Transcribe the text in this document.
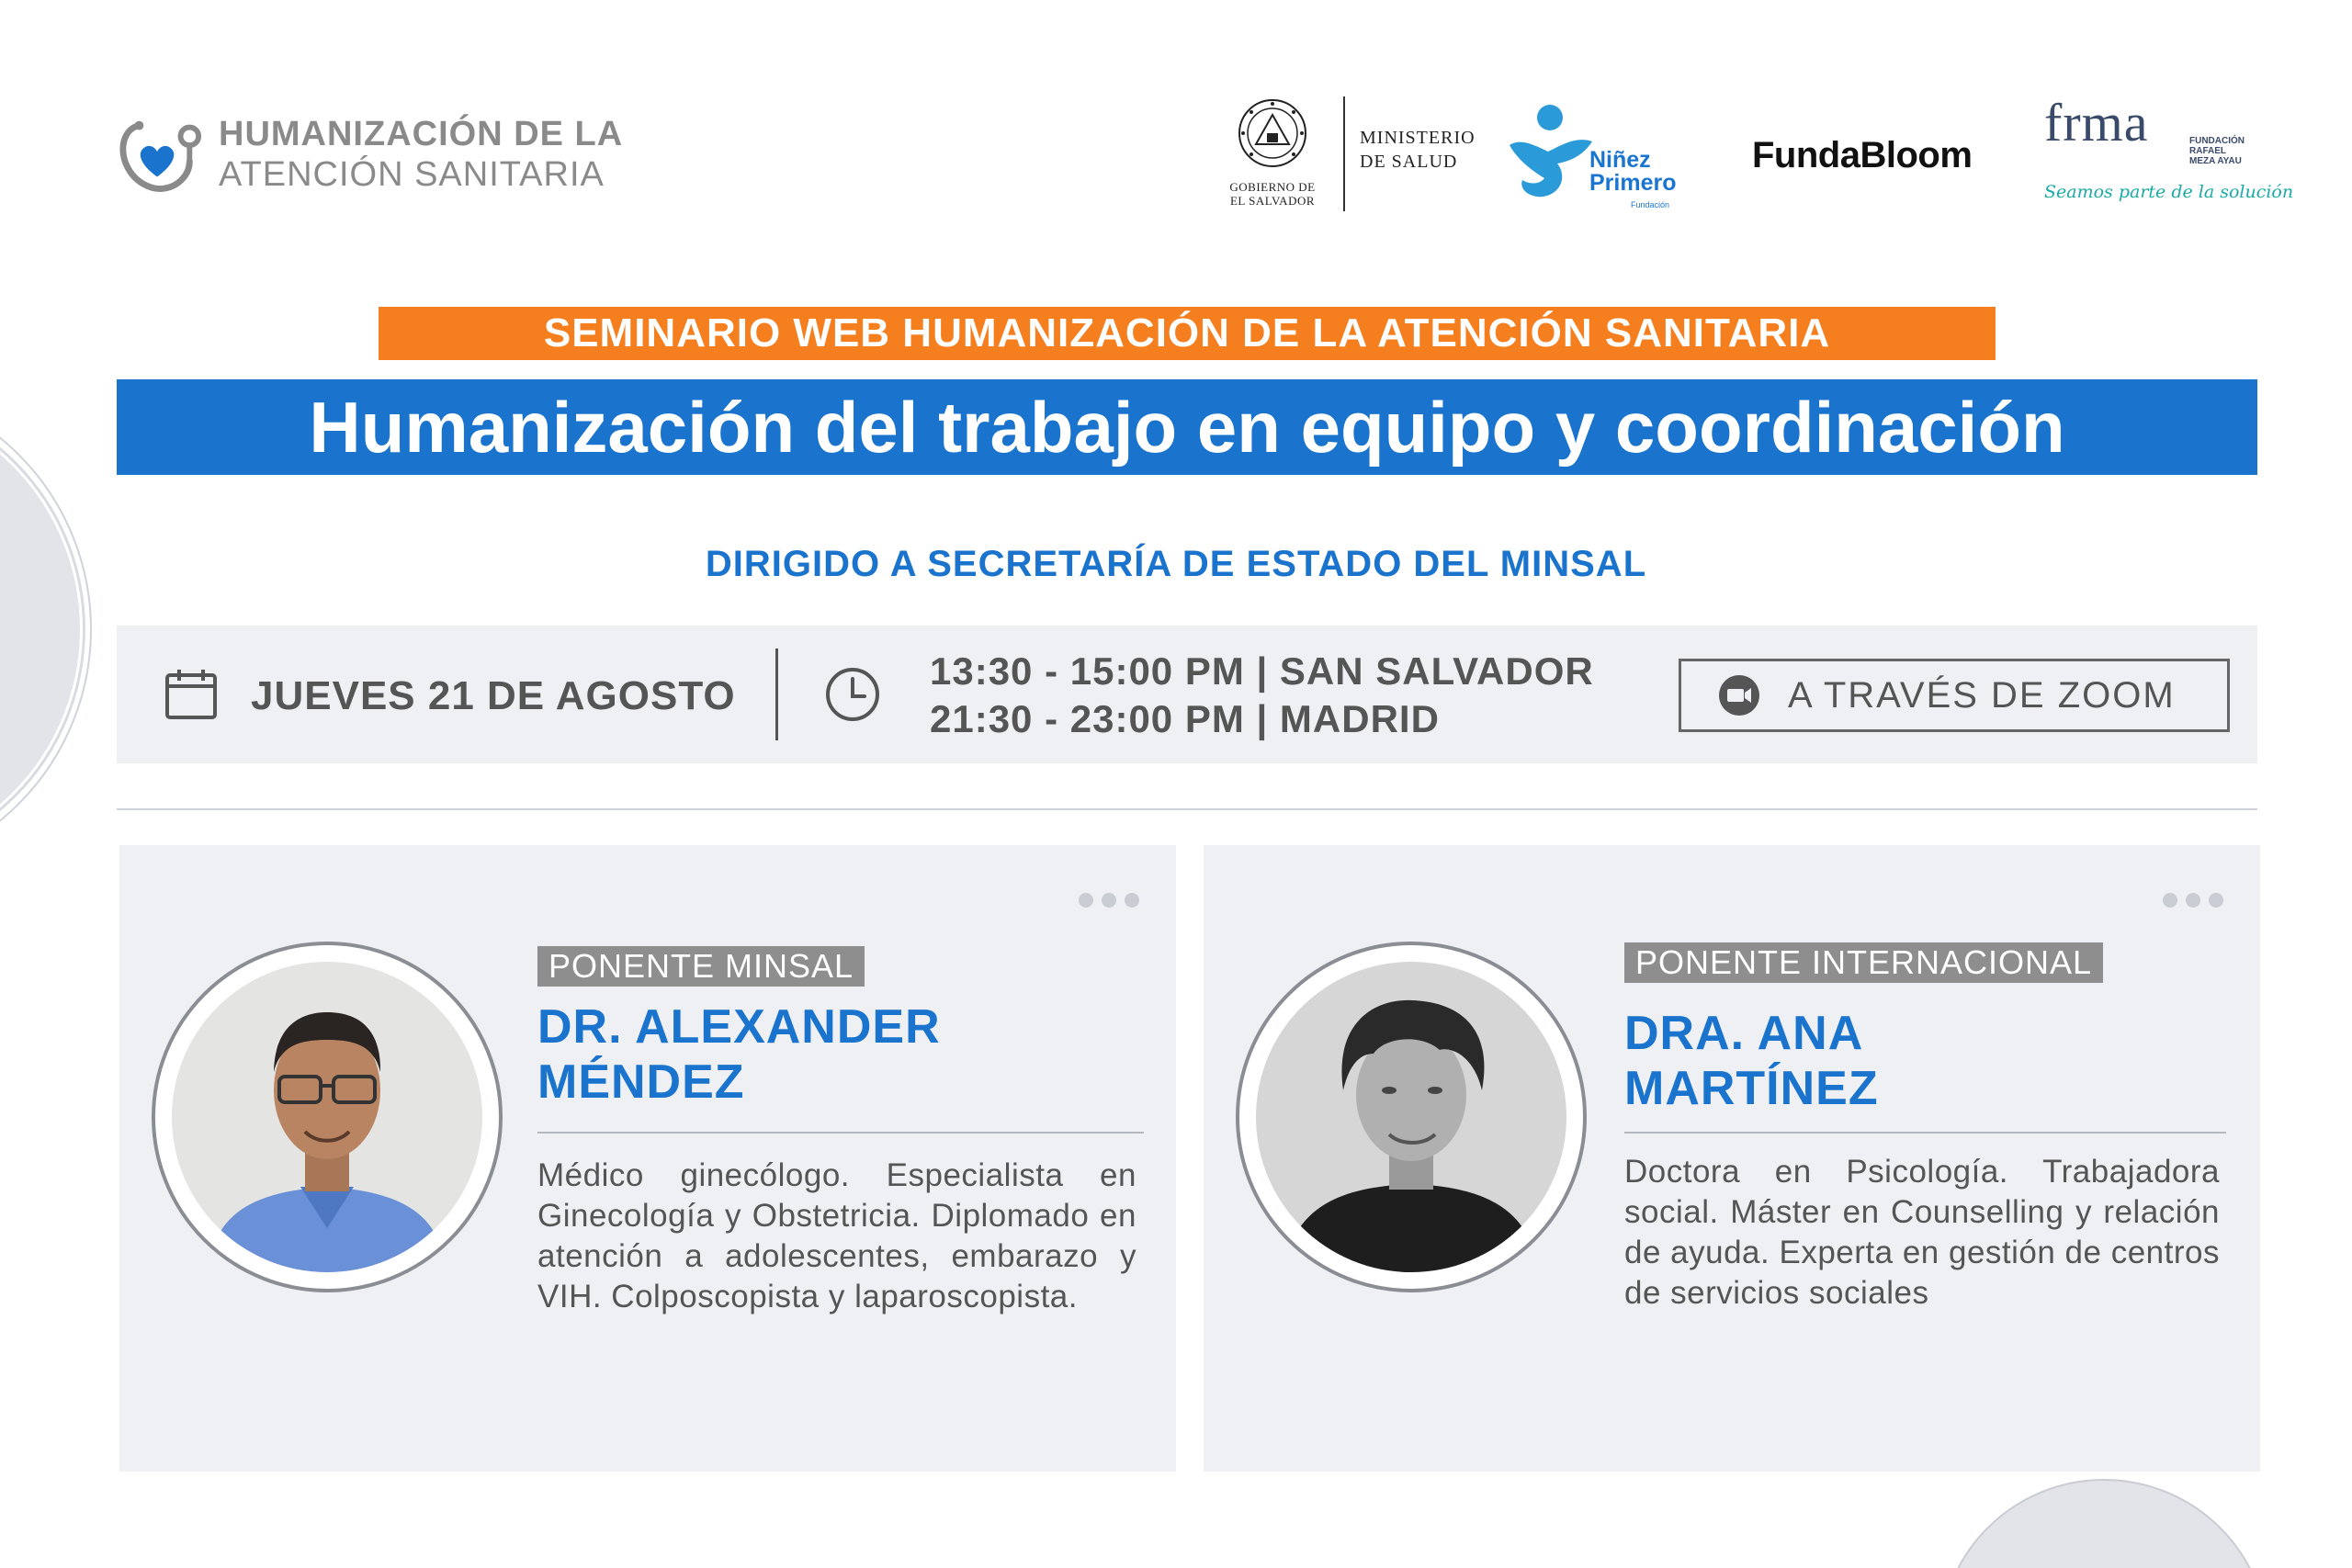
HUMANIZACIÓN DE LA
ATENCIÓN SANITARIA	GOBIERNO DE
EL SALVADOR
MINISTERIO
DE SALUD	Niñez
Primero
Fundación
FundaBloom
frma	FUNDACIÓN
RAFAEL
MEZA AYAU
Seamos parte de la solución
SEMINARIO WEB HUMANIZACIÓN DE LA ATENCIÓN SANITARIA
Humanización del trabajo en equipo y coordinación
DIRIGIDO A SECRETARÍA DE ESTADO DEL MINSAL
JUEVES 21 DE AGOSTO
13:30 - 15:00 PM | SAN SALVADOR
21:30 - 23:00 PM | MADRID
A TRAVÉS DE ZOOM
PONENTE MINSAL
DR. ALEXANDER
MÉNDEZ
Médico ginecólogo. Especialista en Ginecología y Obstetricia. Diplomado en atención a adolescentes, embarazo y VIH. Colposcopista y laparoscopista.
PONENTE INTERNACIONAL
DRA. ANA
MARTÍNEZ
Doctora en Psicología. Trabajadora social. Máster en Counselling y relación de ayuda. Experta en gestión de centros de servicios sociales
